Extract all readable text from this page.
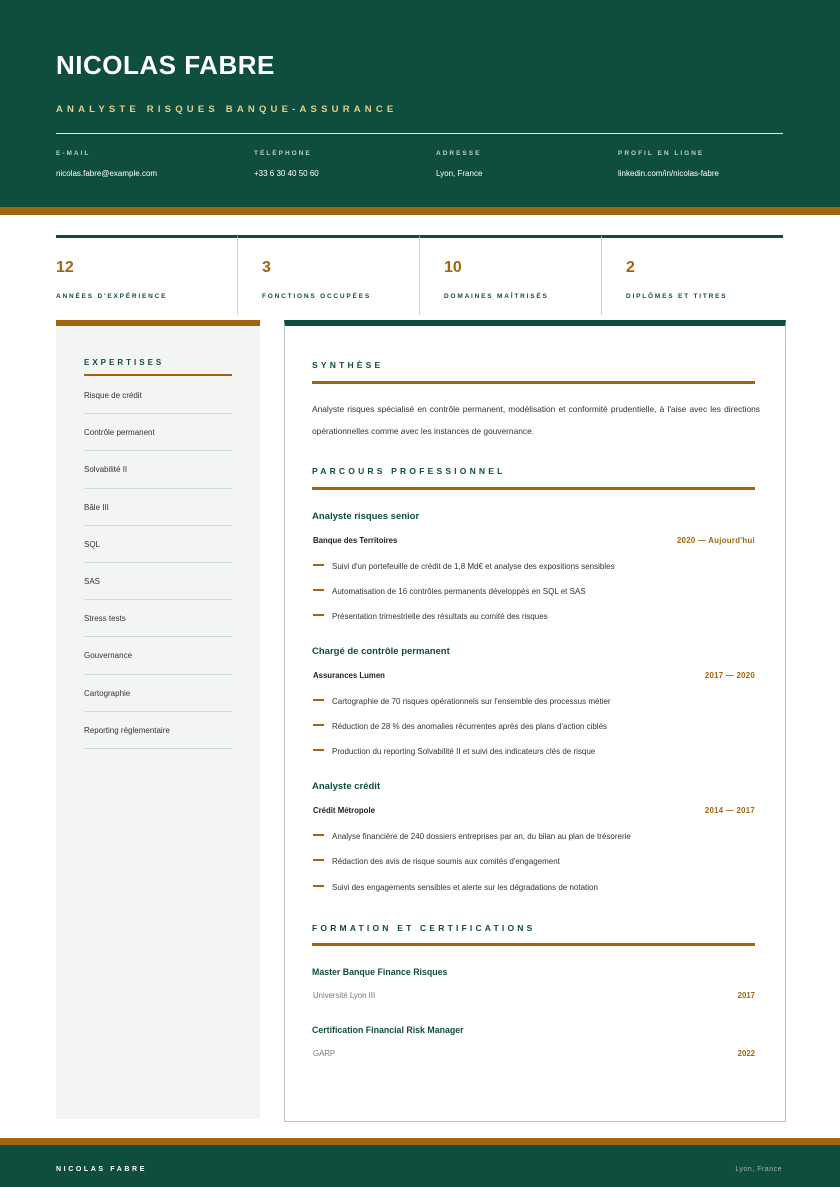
NICOLAS FABRE
ANALYSTE RISQUES BANQUE-ASSURANCE
E-MAIL
nicolas.fabre@example.com
TÉLÉPHONE
+33 6 30 40 50 60
ADRESSE
Lyon, France
PROFIL EN LIGNE
linkedin.com/in/nicolas-fabre
12
ANNÉES D'EXPÉRIENCE
3
FONCTIONS OCCUPÉES
10
DOMAINES MAÎTRISÉS
2
DIPLÔMES ET TITRES
EXPERTISES
Risque de crédit
Contrôle permanent
Solvabilité II
Bâle III
SQL
SAS
Stress tests
Gouvernance
Cartographie
Reporting réglementaire
SYNTHÈSE
Analyste risques spécialisé en contrôle permanent, modélisation et conformité prudentielle, à l'aise avec les directions opérationnelles comme avec les instances de gouvernance.
PARCOURS PROFESSIONNEL
Analyste risques senior
Banque des Territoires	2020 — Aujourd'hui
Suivi d'un portefeuille de crédit de 1,8 Md€ et analyse des expositions sensibles
Automatisation de 16 contrôles permanents développés en SQL et SAS
Présentation trimestrielle des résultats au comité des risques
Chargé de contrôle permanent
Assurances Lumen	2017 — 2020
Cartographie de 70 risques opérationnels sur l'ensemble des processus métier
Réduction de 28 % des anomalies récurrentes après des plans d'action ciblés
Production du reporting Solvabilité II et suivi des indicateurs clés de risque
Analyste crédit
Crédit Métropole	2014 — 2017
Analyse financière de 240 dossiers entreprises par an, du bilan au plan de trésorerie
Rédaction des avis de risque soumis aux comités d'engagement
Suivi des engagements sensibles et alerte sur les dégradations de notation
FORMATION ET CERTIFICATIONS
Master Banque Finance Risques
Université Lyon III	2017
Certification Financial Risk Manager
GARP	2022
NICOLAS FABRE	Lyon, France
